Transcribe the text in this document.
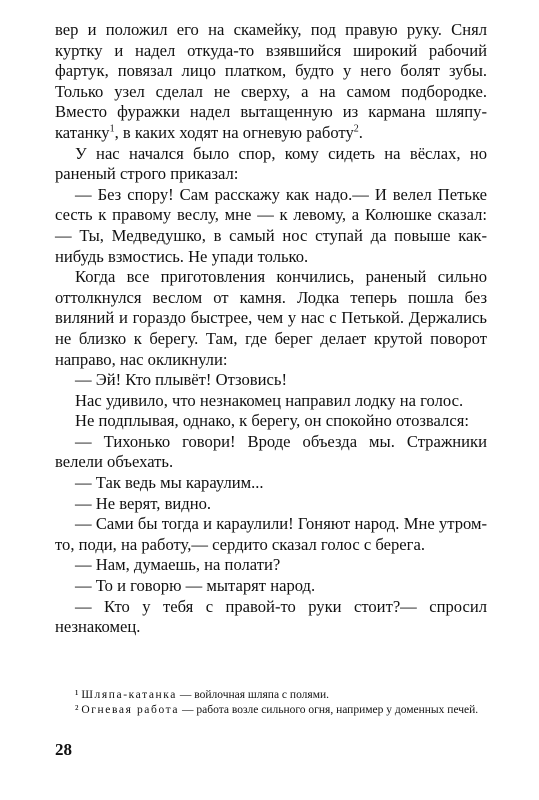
вер и положил его на скамейку, под правую руку. Снял куртку и надел откуда-то взявшийся широкий рабочий фартук, повязал лицо платком, будто у него болят зубы. Только узел сделал не сверху, а на самом подбородке. Вместо фуражки надел вытащенную из кармана шляпу-катанку$^1$, в каких ходят на огневую работу$^2$.

У нас начался было спор, кому сидеть на вёслах, но раненый строго приказал:

— Без спору! Сам расскажу как надо.— И велел Петьке сесть к правому веслу, мне — к левому, а Колюшке сказал: — Ты, Медведушко, в самый нос ступай да повыше как-нибудь взмостись. Не упади только.

Когда все приготовления кончились, раненый сильно оттолкнулся веслом от камня. Лодка теперь пошла без виляний и гораздо быстрее, чем у нас с Петькой. Держались не близко к берегу. Там, где берег делает крутой поворот направо, нас окликнули:

— Эй! Кто плывёт! Отзовись!

Нас удивило, что незнакомец направил лодку на голос.

Не подплывая, однако, к берегу, он спокойно отозвался:

— Тихонько говори! Вроде объезда мы. Стражники велели объехать.

— Так ведь мы караулим...

— Не верят, видно.

— Сами бы тогда и караулили! Гоняют народ. Мне утром-то, поди, на работу,— сердито сказал голос с берега.

— Нам, думаешь, на полати?

— То и говорю — мытарят народ.

— Кто у тебя с правой-то руки стоит?— спросил незнакомец.

¹ Шляпа-катанка — войлочная шляпа с полями.

² Огневая работа — работа возле сильного огня, например у доменных печей.

28
